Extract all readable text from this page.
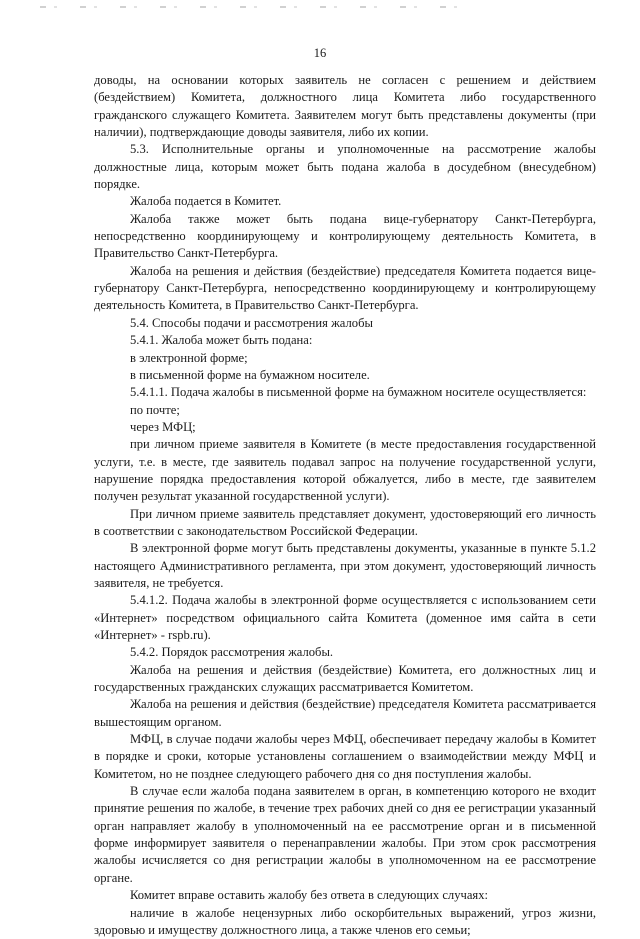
16

доводы, на основании которых заявитель не согласен с решением и действием (бездействием) Комитета, должностного лица Комитета либо государственного гражданского служащего Комитета. Заявителем могут быть представлены документы (при наличии), подтверждающие доводы заявителя, либо их копии.

5.3. Исполнительные органы и уполномоченные на рассмотрение жалобы должностные лица, которым может быть подана жалоба в досудебном (внесудебном) порядке.

Жалоба подается в Комитет.

Жалоба также может быть подана вице-губернатору Санкт-Петербурга, непосредственно координирующему и контролирующему деятельность Комитета, в Правительство Санкт-Петербурга.

Жалоба на решения и действия (бездействие) председателя Комитета подается вице-губернатору Санкт-Петербурга, непосредственно координирующему и контролирующему деятельность Комитета, в Правительство Санкт-Петербурга.

5.4. Способы подачи и рассмотрения жалобы

5.4.1. Жалоба может быть подана:

в электронной форме;

в письменной форме на бумажном носителе.

5.4.1.1. Подача жалобы в письменной форме на бумажном носителе осуществляется:

по почте;

через МФЦ;

при личном приеме заявителя в Комитете (в месте предоставления государственной услуги, т.е. в месте, где заявитель подавал запрос на получение государственной услуги, нарушение порядка предоставления которой обжалуется, либо в месте, где заявителем получен результат указанной государственной услуги).

При личном приеме заявитель представляет документ, удостоверяющий его личность в соответствии с законодательством Российской Федерации.

В электронной форме могут быть представлены документы, указанные в пункте 5.1.2 настоящего Административного регламента, при этом документ, удостоверяющий личность заявителя, не требуется.

5.4.1.2. Подача жалобы в электронной форме осуществляется с использованием сети «Интернет» посредством официального сайта Комитета (доменное имя сайта в сети «Интернет» - rspb.ru).

5.4.2. Порядок рассмотрения жалобы.

Жалоба на решения и действия (бездействие) Комитета, его должностных лиц и государственных гражданских служащих рассматривается Комитетом.

Жалоба на решения и действия (бездействие) председателя Комитета рассматривается вышестоящим органом.

МФЦ, в случае подачи жалобы через МФЦ, обеспечивает передачу жалобы в Комитет в порядке и сроки, которые установлены соглашением о взаимодействии между МФЦ и Комитетом, но не позднее следующего рабочего дня со дня поступления жалобы.

В случае если жалоба подана заявителем в орган, в компетенцию которого не входит принятие решения по жалобе, в течение трех рабочих дней со дня ее регистрации указанный орган направляет жалобу в уполномоченный на ее рассмотрение орган и в письменной форме информирует заявителя о перенаправлении жалобы. При этом срок рассмотрения жалобы исчисляется со дня регистрации жалобы в уполномоченном на ее рассмотрение органе.

Комитет вправе оставить жалобу без ответа в следующих случаях:

наличие в жалобе нецензурных либо оскорбительных выражений, угроз жизни, здоровью и имуществу должностного лица, а также членов его семьи;
